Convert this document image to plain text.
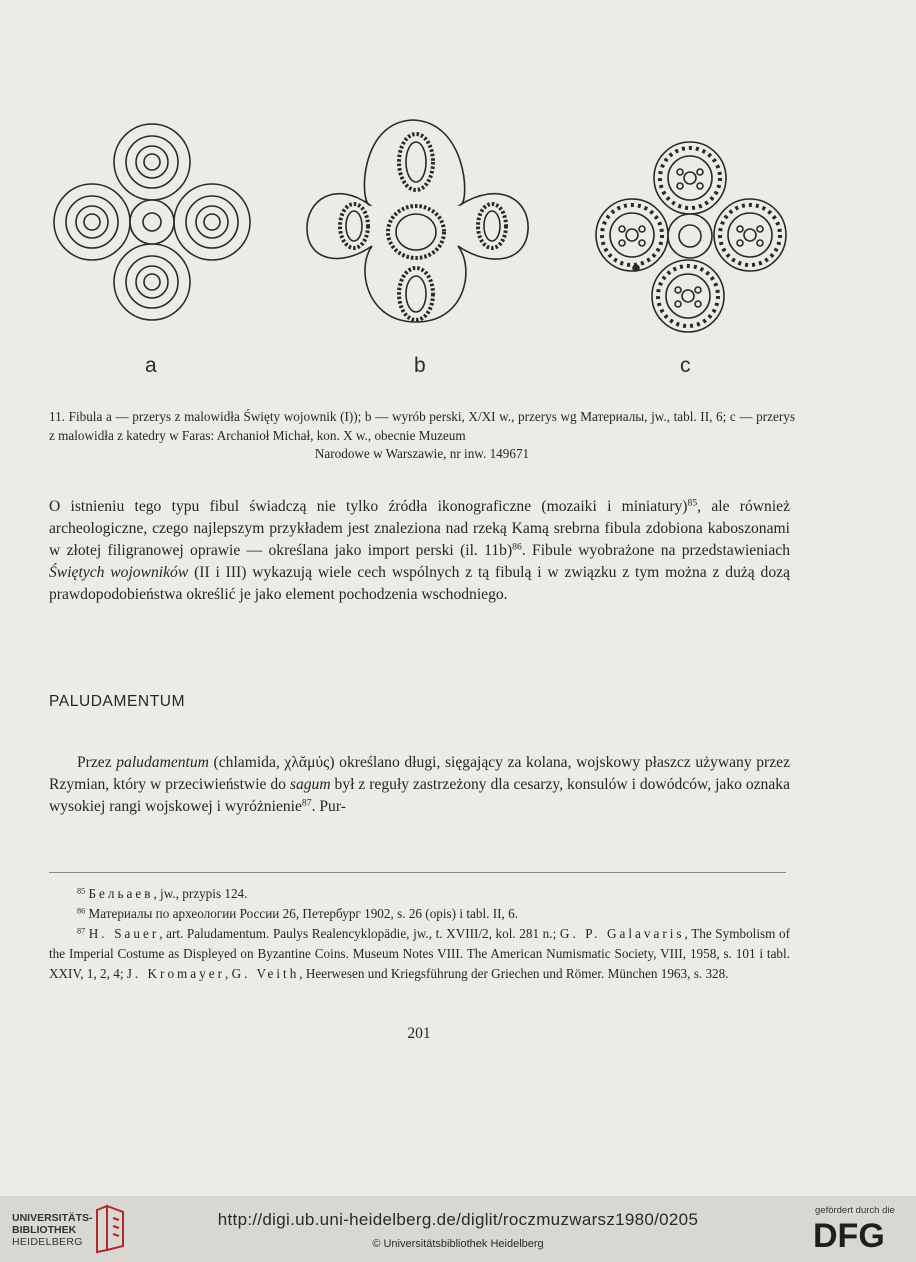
a	b	c
11. Fibula a — przerys z malowidła Święty wojownik (I)); b — wyrób perski, X/XI w., przerys wg Материалы, jw., tabl. II, 6; c — przerys z malowidła z katedry w Faras: Archanioł Michał, kon. X w., obecnie Muzeum
Narodowe w Warszawie, nr inw. 149671
O istnieniu tego typu fibul świadczą nie tylko źródła ikonograficzne (mozaiki i miniatury)$^{85}$, ale również archeologiczne, czego najlepszym przykładem jest znaleziona nad rzeką Kamą srebrna fibula zdobiona kaboszonami w złotej filigranowej oprawie — określana jako import perski (il. 11b)$^{86}$. Fibule wyobrażone na przedstawieniach Świętych wojowników (II i III) wykazują wiele cech wspólnych z tą fibulą i w związku z tym można z dużą dozą prawdopodobieństwa określić je jako element pochodzenia wschodniego.
PALUDAMENTUM
Przez paludamentum (chlamida, χλᾰμύς) określano długi, sięgający za kolana, wojskowy płaszcz używany przez Rzymian, który w przeciwieństwie do sagum był z reguły zastrzeżony dla cesarzy, konsulów i dowódców, jako oznaka wysokiej rangi wojskowej i wyróżnienie$^{87}$. Pur-

$^{85}$ Бельаев, jw., przypis 124.

$^{86}$ Материалы по археологии России 26, Петербург 1902, s. 26 (opis) i tabl. II, 6.

$^{87}$ H. Sauer, art. Paludamentum. Paulys Realencyklopädie, jw., t. XVIII/2, kol. 281 n.; G. P. Galavaris, The Symbolism of the Imperial Costume as Displeyed on Byzantine Coins. Museum Notes VIII. The American Numismatic Society, VIII, 1958, s. 101 i tabl. XXIV, 1, 2, 4; J. Kromayer, G. Veith, Heerwesen und Kriegsführung der Griechen und Römer. München 1963, s. 328.

201
UNIVERSITÄTS-
BIBLIOTHEK
HEIDELBERG
http://digi.ub.uni-heidelberg.de/diglit/roczmuzwarsz1980/0205
© Universitätsbibliothek Heidelberg
gefördert durch die
DFG
